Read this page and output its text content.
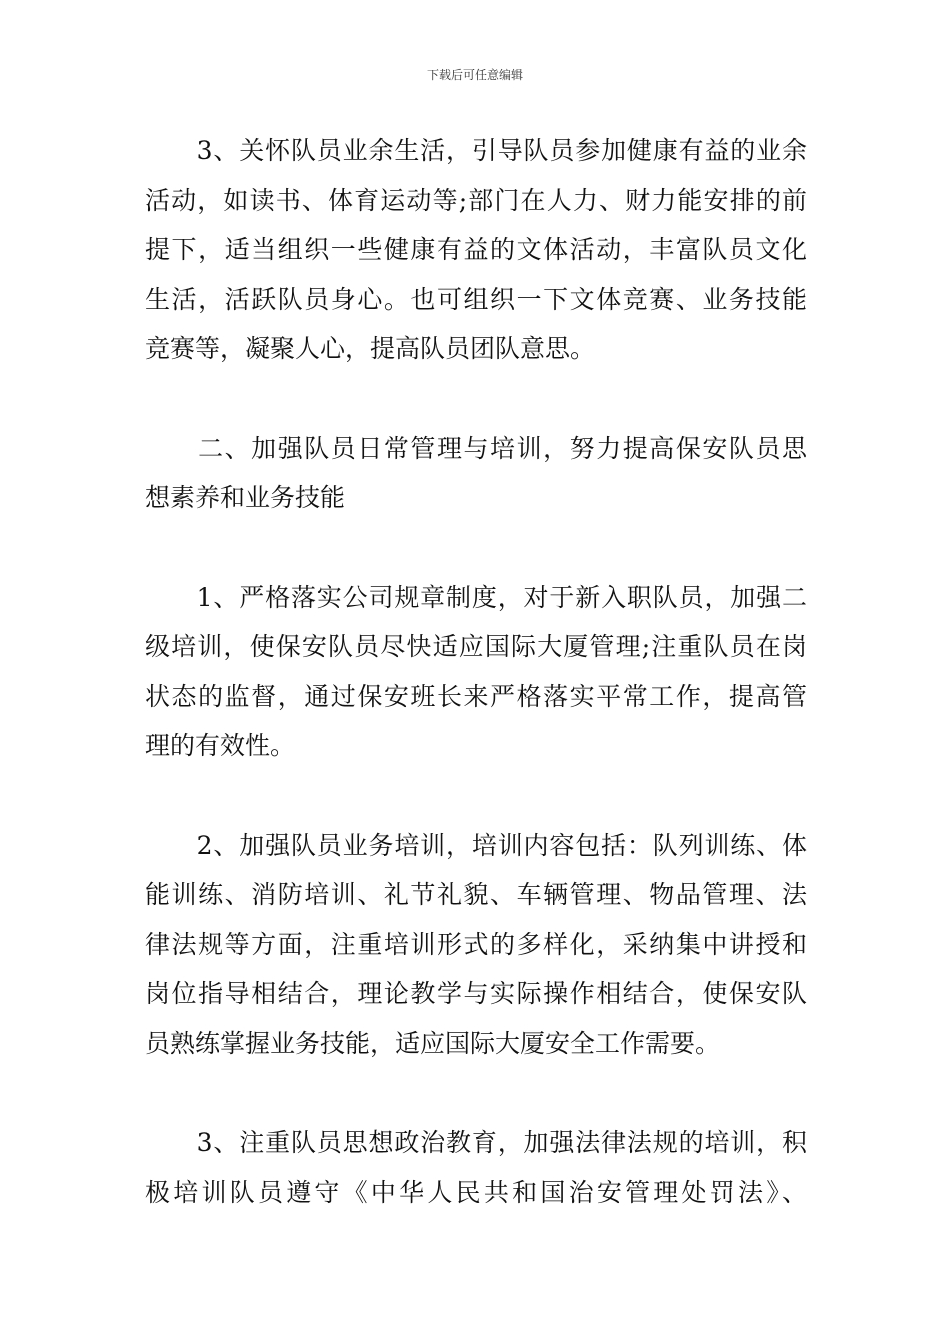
下载后可任意编辑
　　3、关怀队员业余生活，引导队员参加健康有益的业余
活动，如读书、体育运动等;部门在人力、财力能安排的前
提下，适当组织一些健康有益的文体活动，丰富队员文化
生活，活跃队员身心。也可组织一下文体竞赛、业务技能
竞赛等，凝聚人心，提高队员团队意思。
　　二、加强队员日常管理与培训，努力提高保安队员思
想素养和业务技能
　　1、严格落实公司规章制度，对于新入职队员，加强二
级培训，使保安队员尽快适应国际大厦管理;注重队员在岗
状态的监督，通过保安班长来严格落实平常工作，提高管
理的有效性。
　　2、加强队员业务培训，培训内容包括：队列训练、体
能训练、消防培训、礼节礼貌、车辆管理、物品管理、法
律法规等方面，注重培训形式的多样化，采纳集中讲授和
岗位指导相结合，理论教学与实际操作相结合，使保安队
员熟练掌握业务技能，适应国际大厦安全工作需要。
　　3、注重队员思想政治教育，加强法律法规的培训，积
极培训队员遵守《中华人民共和国治安管理处罚法》、
